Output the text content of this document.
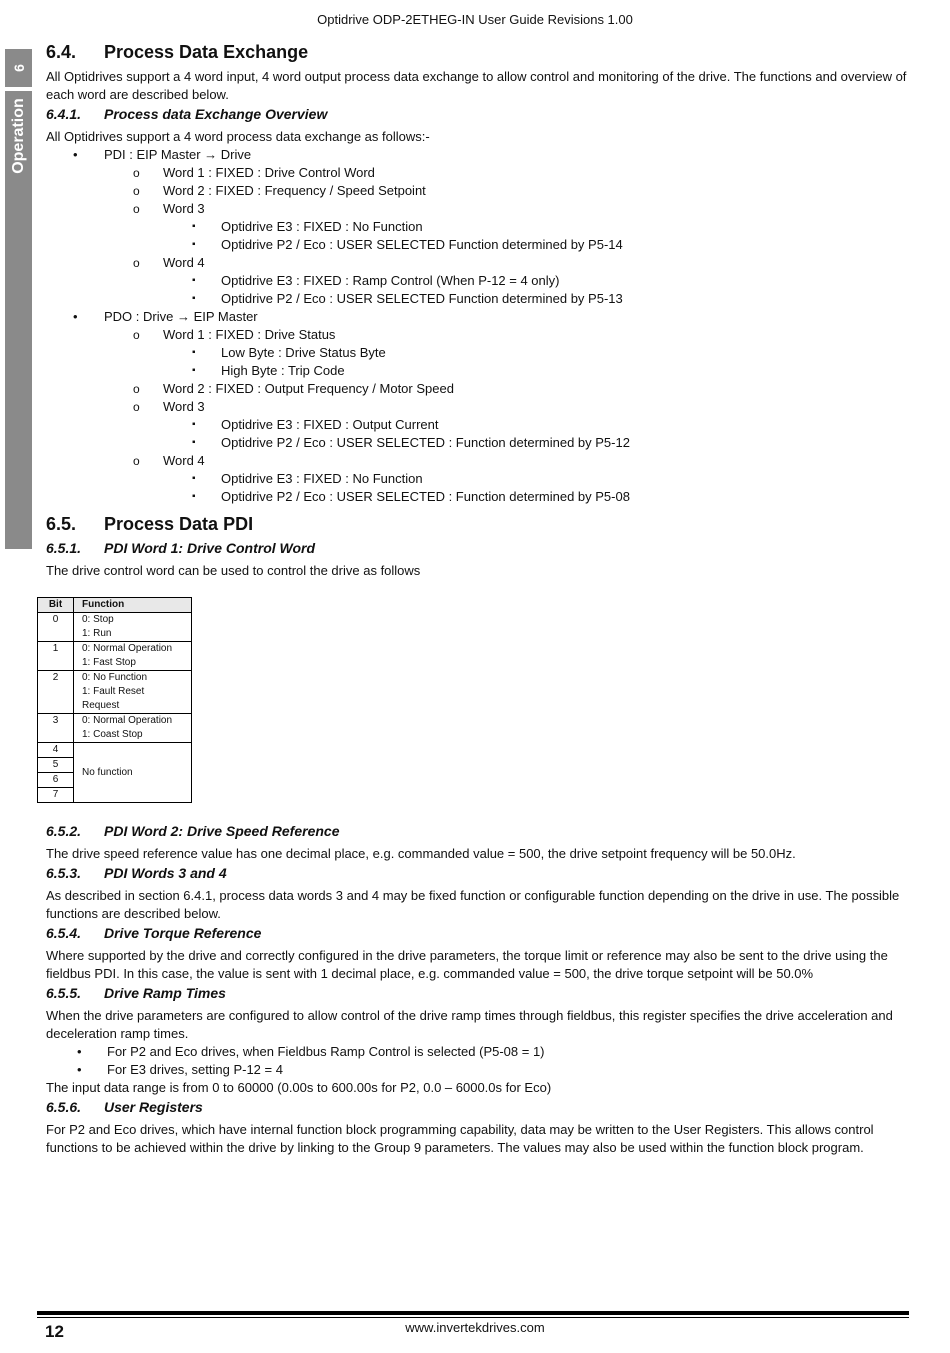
Optidrive ODP-2ETHEG-IN User Guide Revisions 1.00
6
Operation
6.4.	Process Data Exchange

All Optidrives support a 4 word input, 4 word output process data exchange to allow control and monitoring of the drive. The functions and overview of each word are described below.

6.4.1.	Process data Exchange Overview

All Optidrives support a 4 word process data exchange as follows:-

• PDI : EIP Master → Drive
o Word 1 : FIXED : Drive Control Word
o Word 2 : FIXED : Frequency / Speed Setpoint
o Word 3
▪ Optidrive E3 : FIXED : No Function
▪ Optidrive P2 / Eco : USER SELECTED Function determined by P5-14
o Word 4
▪ Optidrive E3 : FIXED : Ramp Control (When P-12 = 4 only)
▪ Optidrive P2 / Eco : USER SELECTED Function determined by P5-13
• PDO : Drive → EIP Master
o Word 1 : FIXED : Drive Status
▪ Low Byte : Drive Status Byte
▪ High Byte : Trip Code
o Word 2 : FIXED : Output Frequency / Motor Speed
o Word 3
▪ Optidrive E3 : FIXED : Output Current
▪ Optidrive P2 / Eco : USER SELECTED : Function determined by P5-12
o Word 4
▪ Optidrive E3 : FIXED : No Function
▪ Optidrive P2 / Eco : USER SELECTED : Function determined by P5-08
6.5.	Process Data PDI
6.5.1.	PDI Word 1: Drive Control Word

The drive control word can be used to control the drive as follows

Bit	Function
0	0: Stop
1: Run

1	0: Normal Operation
1: Fast Stop

2	0: No Function
1: Fault Reset Request

3	0: Normal Operation
1: Coast Stop

4	No function
5	
6	
7	
6.5.2.	PDI Word 2: Drive Speed Reference

The drive speed reference value has one decimal place, e.g. commanded value = 500, the drive setpoint frequency will be 50.0Hz.

6.5.3.	PDI Words 3 and 4

As described in section 6.4.1, process data words 3 and 4 may be fixed function or configurable function depending on the drive in use. The possible functions are described below.

6.5.4.	Drive Torque Reference

Where supported by the drive and correctly configured in the drive parameters, the torque limit or reference may also be sent to the drive using the fieldbus PDI. In this case, the value is sent with 1 decimal place, e.g. commanded value = 500, the drive torque setpoint will be 50.0%

6.5.5.	Drive Ramp Times

When the drive parameters are configured to allow control of the drive ramp times through fieldbus, this register specifies the drive acceleration and deceleration ramp times.

• For P2 and Eco drives, when Fieldbus Ramp Control is selected (P5-08 = 1)
• For E3 drives, setting P-12 = 4

The input data range is from 0 to 60000 (0.00s to 600.00s for P2, 0.0 – 6000.0s for Eco)

6.5.6.	User Registers

For P2 and Eco drives, which have internal function block programming capability, data may be written to the User Registers. This allows control functions to be achieved within the drive by linking to the Group 9 parameters. The values may also be used within the function block program.

12	www.invertekdrives.com
